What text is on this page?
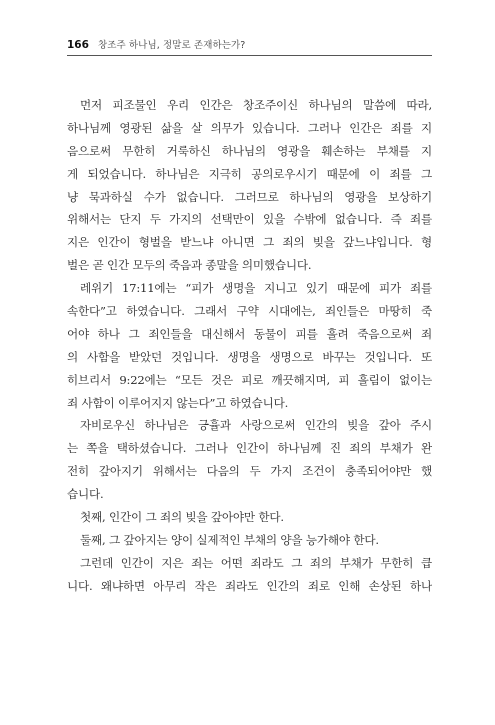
166 창조주 하나님, 정말로 존재하는가?
먼저 피조물인 우리 인간은 창조주이신 하나님의 말씀에 따라,
하나님께 영광된 삶을 살 의무가 있습니다. 그러나 인간은 죄를 지
음으로써 무한히 거룩하신 하나님의 영광을 훼손하는 부채를 지
게 되었습니다. 하나님은 지극히 공의로우시기 때문에 이 죄를 그
냥 묵과하실 수가 없습니다. 그러므로 하나님의 영광을 보상하기
위해서는 단지 두 가지의 선택만이 있을 수밖에 없습니다. 즉 죄를
지은 인간이 형벌을 받느냐 아니면 그 죄의 빚을 갚느냐입니다. 형
벌은 곧 인간 모두의 죽음과 종말을 의미했습니다.
레위기 17:11에는 “피가 생명을 지니고 있기 때문에 피가 죄를
속한다”고 하였습니다. 그래서 구약 시대에는, 죄인들은 마땅히 죽
어야 하나 그 죄인들을 대신해서 동물이 피를 흘려 죽음으로써 죄
의 사함을 받았던 것입니다. 생명을 생명으로 바꾸는 것입니다. 또
히브리서 9:22에는 “모든 것은 피로 깨끗해지며, 피 흘림이 없이는
죄 사함이 이루어지지 않는다”고 하였습니다.
자비로우신 하나님은 긍휼과 사랑으로써 인간의 빚을 갚아 주시
는 쪽을 택하셨습니다. 그러나 인간이 하나님께 진 죄의 부채가 완
전히 갚아지기 위해서는 다음의 두 가지 조건이 충족되어야만 했
습니다.
첫째, 인간이 그 죄의 빚을 갚아야만 한다.
둘째, 그 갚아지는 양이 실제적인 부채의 양을 능가해야 한다.
그런데 인간이 지은 죄는 어떤 죄라도 그 죄의 부채가 무한히 큽
니다. 왜냐하면 아무리 작은 죄라도 인간의 죄로 인해 손상된 하나
